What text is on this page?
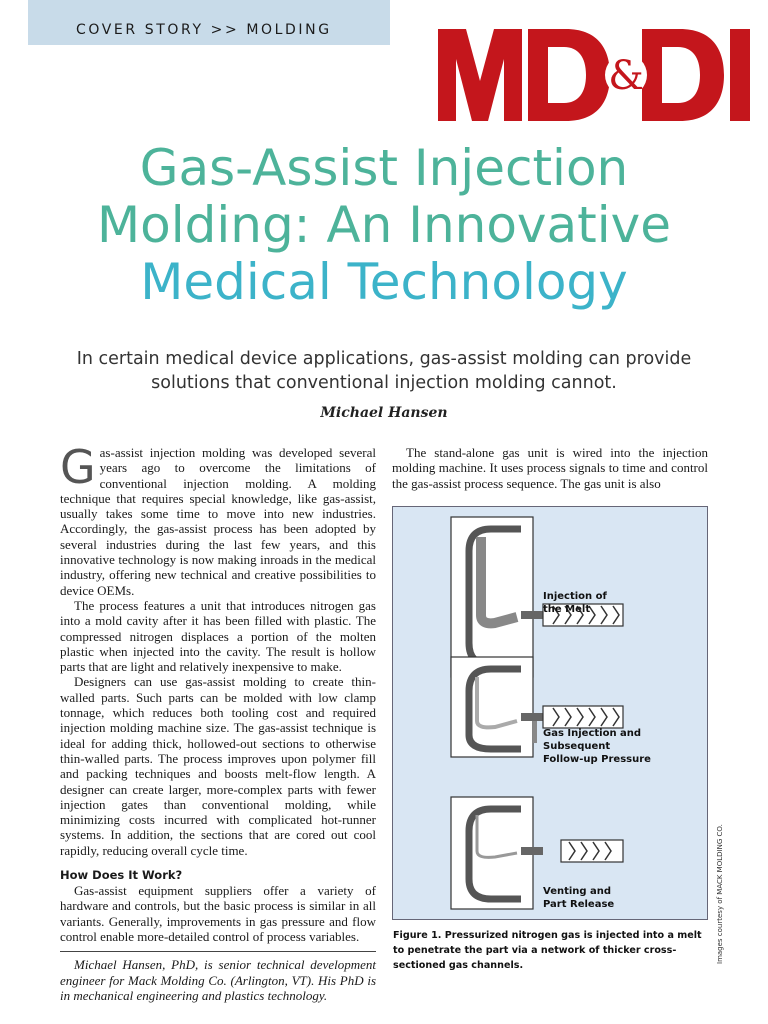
COVER STORY >> MOLDING
&
Gas-Assist Injection
Molding: An Innovative
Medical Technology
In certain medical device applications, gas-assist molding can provide solutions that conventional injection molding cannot.
Michael Hansen

Gas-assist injection molding was developed several years ago to overcome the limitations of conventional injection molding. A molding technique that requires special knowledge, like gas-assist, usually takes some time to move into new industries. Accordingly, the gas-assist process has been adopted by several industries during the last few years, and this innovative technology is now making inroads in the medical industry, offering new technical and creative possibilities to device OEMs.

The process features a unit that introduces nitrogen gas into a mold cavity after it has been filled with plastic. The compressed nitrogen displaces a portion of the molten plastic when injected into the cavity. The result is hollow parts that are light and relatively inexpensive to make.

Designers can use gas-assist molding to create thin-walled parts. Such parts can be molded with low clamp tonnage, which reduces both tooling cost and required injection molding machine size. The gas-assist technique is ideal for adding thick, hollowed-out sections to otherwise thin-walled parts. The process improves upon polymer fill and packing techniques and boosts melt-flow length. A designer can create larger, more-complex parts with fewer injection gates than conventional molding, while minimizing costs incurred with complicated hot-runner systems. In addition, the sections that are cored out cool rapidly, reducing overall cycle time.

How Does It Work?

Gas-assist equipment suppliers offer a variety of hardware and controls, but the basic process is similar in all variants. Generally, improvements in gas pressure and flow control enable more-detailed control of process variables.

Michael Hansen, PhD, is senior technical development engineer for Mack Molding Co. (Arlington, VT). His PhD is in mechanical engineering and plastics technology.

The stand-alone gas unit is wired into the injection molding machine. It uses process signals to time and control the gas-assist process sequence. The gas unit is also
Injection of the Melt
Gas Injection and Subsequent Follow-up Pressure
Venting and Part Release
Figure 1. Pressurized nitrogen gas is injected into a melt to penetrate the part via a network of thicker cross-sectioned gas channels.
Images courtesy of MACK MOLDING CO.
